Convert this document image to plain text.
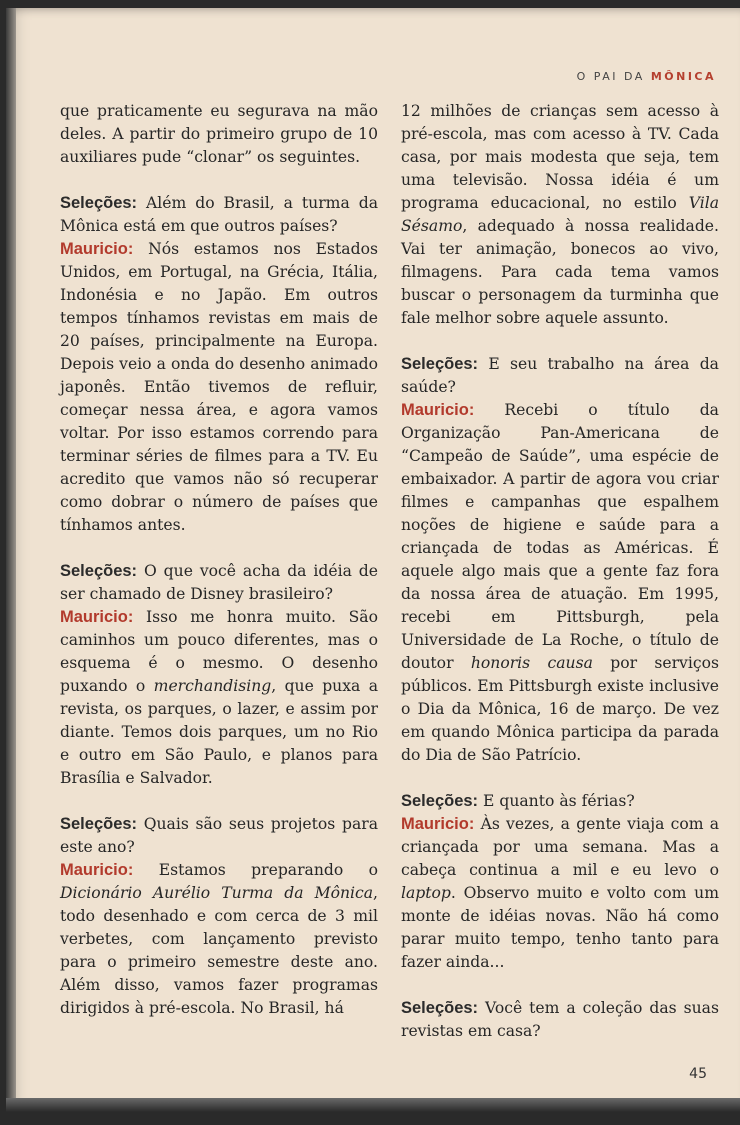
O PAI DA MÔNICA

que praticamente eu segurava na mão deles. A partir do primeiro grupo de 10 auxiliares pude “clonar” os seguintes.

Seleções: Além do Brasil, a turma da Mônica está em que outros países?
Mauricio: Nós estamos nos Estados Unidos, em Portugal, na Grécia, Itália, Indonésia e no Japão. Em outros tempos tínhamos revistas em mais de 20 países, principalmente na Europa. Depois veio a onda do desenho animado japonês. Então tivemos de refluir, começar nessa área, e agora vamos voltar. Por isso estamos correndo para terminar séries de filmes para a TV. Eu acredito que vamos não só recuperar como dobrar o número de países que tínhamos antes.

Seleções: O que você acha da idéia de ser chamado de Disney brasileiro?
Mauricio: Isso me honra muito. São caminhos um pouco diferentes, mas o esquema é o mesmo. O desenho puxando o merchandising, que puxa a revista, os parques, o lazer, e assim por diante. Temos dois parques, um no Rio e outro em São Paulo, e planos para Brasília e Salvador.

Seleções: Quais são seus projetos para este ano?
Mauricio: Estamos preparando o Dicionário Aurélio Turma da Mônica, todo desenhado e com cerca de 3 mil verbetes, com lançamento previsto para o primeiro semestre deste ano. Além disso, vamos fazer programas dirigidos à pré-escola. No Brasil, há

12 milhões de crianças sem acesso à pré-escola, mas com acesso à TV. Cada casa, por mais modesta que seja, tem uma televisão. Nossa idéia é um programa educacional, no estilo Vila Sésamo, adequado à nossa realidade. Vai ter animação, bonecos ao vivo, filmagens. Para cada tema vamos buscar o personagem da turminha que fale melhor sobre aquele assunto.

Seleções: E seu trabalho na área da saúde?
Mauricio: Recebi o título da Organização Pan-Americana de “Campeão de Saúde”, uma espécie de embaixador. A partir de agora vou criar filmes e campanhas que espalhem noções de higiene e saúde para a criançada de todas as Américas. É aquele algo mais que a gente faz fora da nossa área de atuação. Em 1995, recebi em Pittsburgh, pela Universidade de La Roche, o título de doutor honoris causa por serviços públicos. Em Pittsburgh existe inclusive o Dia da Mônica, 16 de março. De vez em quando Mônica participa da parada do Dia de São Patrício.

Seleções: E quanto às férias?
Mauricio: Às vezes, a gente viaja com a criançada por uma semana. Mas a cabeça continua a mil e eu levo o laptop. Observo muito e volto com um monte de idéias novas. Não há como parar muito tempo, tenho tanto para fazer ainda...

Seleções: Você tem a coleção das suas revistas em casa?

45
